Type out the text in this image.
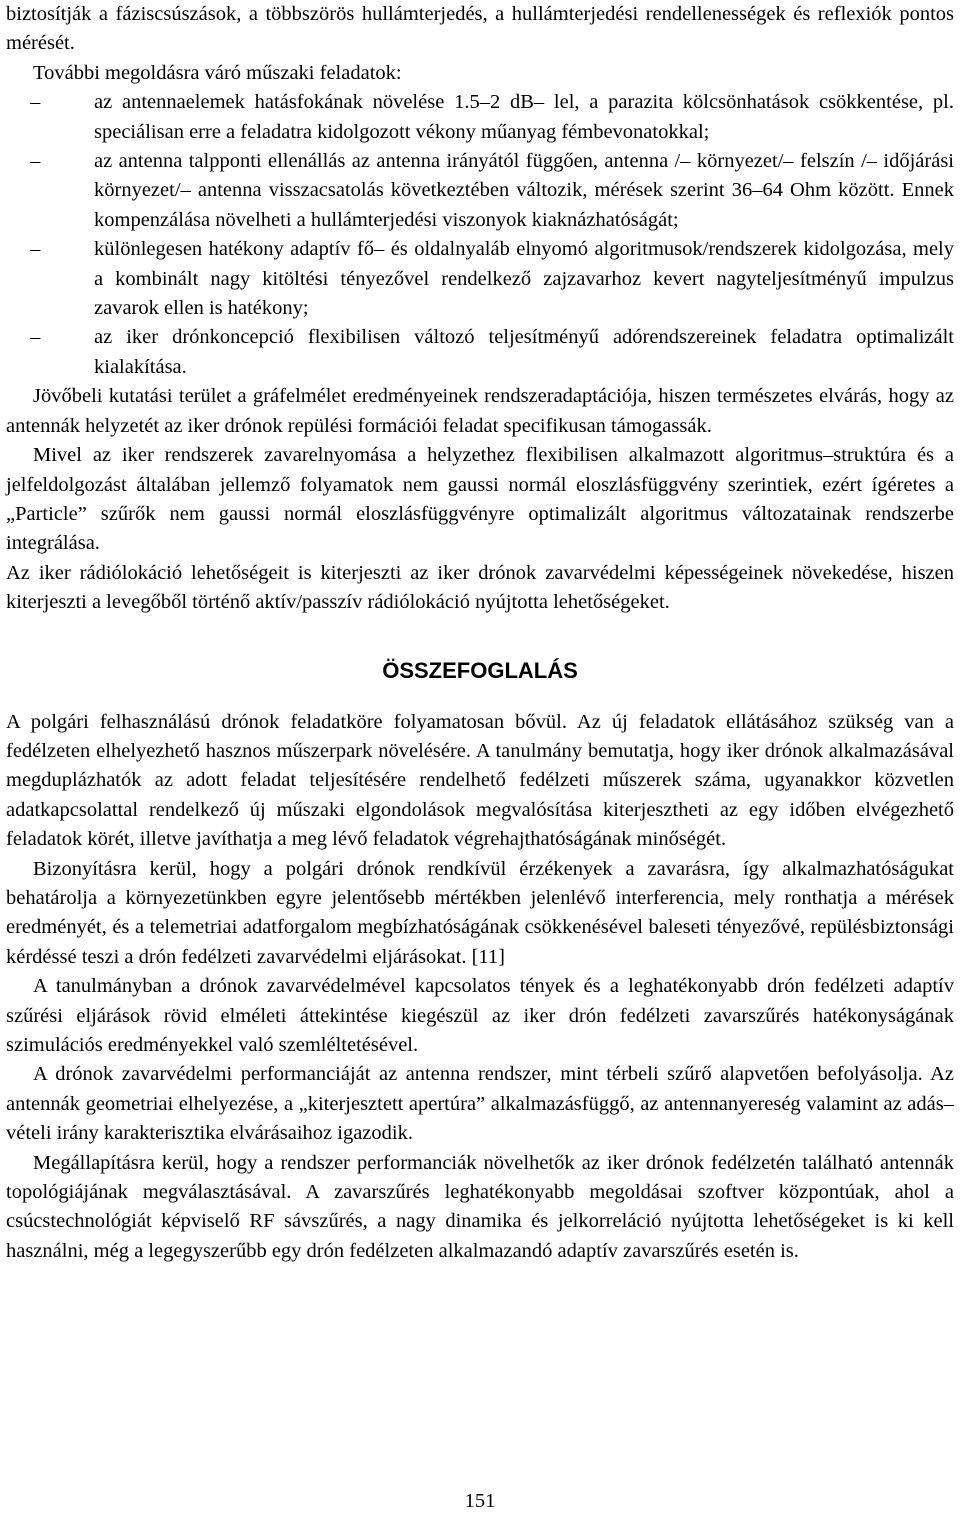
biztosítják a fáziscsúszások, a többszörös hullámterjedés, a hullámterjedési rendellenességek és reflexiók pontos mérését.

További megoldásra váró műszaki feladatok:

–	az antennaelemek hatásfokának növelése 1.5–2 dB– lel, a parazita kölcsönhatások csökkentése, pl. speciálisan erre a feladatra kidolgozott vékony műanyag fémbevonatokkal;
–	az antenna talpponti ellenállás az antenna irányától függően, antenna /– környezet/– felszín /– időjárási környezet/– antenna visszacsatolás következtében változik, mérések szerint 36–64 Ohm között. Ennek kompenzálása növelheti a hullámterjedési viszonyok kiaknázhatóságát;
–	különlegesen hatékony adaptív fő– és oldalnyaláb elnyomó algoritmusok/rendszerek kidolgozása, mely a kombinált nagy kitöltési tényezővel rendelkező zajzavarhoz kevert nagyteljesítményű impulzus zavarok ellen is hatékony;
–	az iker drónkoncepció flexibilisen változó teljesítményű adórendszereinek feladatra optimalizált kialakítása.

Jövőbeli kutatási terület a gráfelmélet eredményeinek rendszeradaptációja, hiszen természetes elvárás, hogy az antennák helyzetét az iker drónok repülési formációi feladat specifikusan támogassák.

Mivel az iker rendszerek zavarelnyomása a helyzethez flexibilisen alkalmazott algoritmus–struktúra és a jelfeldolgozást általában jellemző folyamatok nem gaussi normál eloszlásfüggvény szerintiek, ezért ígéretes a „Particle” szűrők nem gaussi normál eloszlásfüggvényre optimalizált algoritmus változatainak rendszerbe integrálása.

Az iker rádiólokáció lehetőségeit is kiterjeszti az iker drónok zavarvédelmi képességeinek növekedése, hiszen kiterjeszti a levegőből történő aktív/passzív rádiólokáció nyújtotta lehetőségeket.

ÖSSZEFOGLALÁS

A polgári felhasználású drónok feladatköre folyamatosan bővül. Az új feladatok ellátásához szükség van a fedélzeten elhelyezhető hasznos műszerpark növelésére. A tanulmány bemutatja, hogy iker drónok alkalmazásával megduplázhatók az adott feladat teljesítésére rendelhető fedélzeti műszerek száma, ugyanakkor közvetlen adatkapcsolattal rendelkező új műszaki elgondolások megvalósítása kiterjesztheti az egy időben elvégezhető feladatok körét, illetve javíthatja a meg lévő feladatok végrehajthatóságának minőségét.

Bizonyításra kerül, hogy a polgári drónok rendkívül érzékenyek a zavarásra, így alkalmazhatóságukat behatárolja a környezetünkben egyre jelentősebb mértékben jelenlévő interferencia, mely ronthatja a mérések eredményét, és a telemetriai adatforgalom megbízhatóságának csökkenésével baleseti tényezővé, repülésbiztonsági kérdéssé teszi a drón fedélzeti zavarvédelmi eljárásokat. [11]

A tanulmányban a drónok zavarvédelmével kapcsolatos tények és a leghatékonyabb drón fedélzeti adaptív szűrési eljárások rövid elméleti áttekintése kiegészül az iker drón fedélzeti zavarszűrés hatékonyságának szimulációs eredményekkel való szemléltetésével.

A drónok zavarvédelmi performanciáját az antenna rendszer, mint térbeli szűrő alapvetően befolyásolja. Az antennák geometriai elhelyezése, a „kiterjesztett apertúra” alkalmazásfüggő, az antennanyereség valamint az adás–vételi irány karakterisztika elvárásaihoz igazodik.

Megállapításra kerül, hogy a rendszer performanciák növelhetők az iker drónok fedélzetén található antennák topológiájának megválasztásával. A zavarszűrés leghatékonyabb megoldásai szoftver központúak, ahol a csúcstechnológiát képviselő RF sávszűrés, a nagy dinamika és jelkorreláció nyújtotta lehetőségeket is ki kell használni, még a legegyszerűbb egy drón fedélzeten alkalmazandó adaptív zavarszűrés esetén is.

151
